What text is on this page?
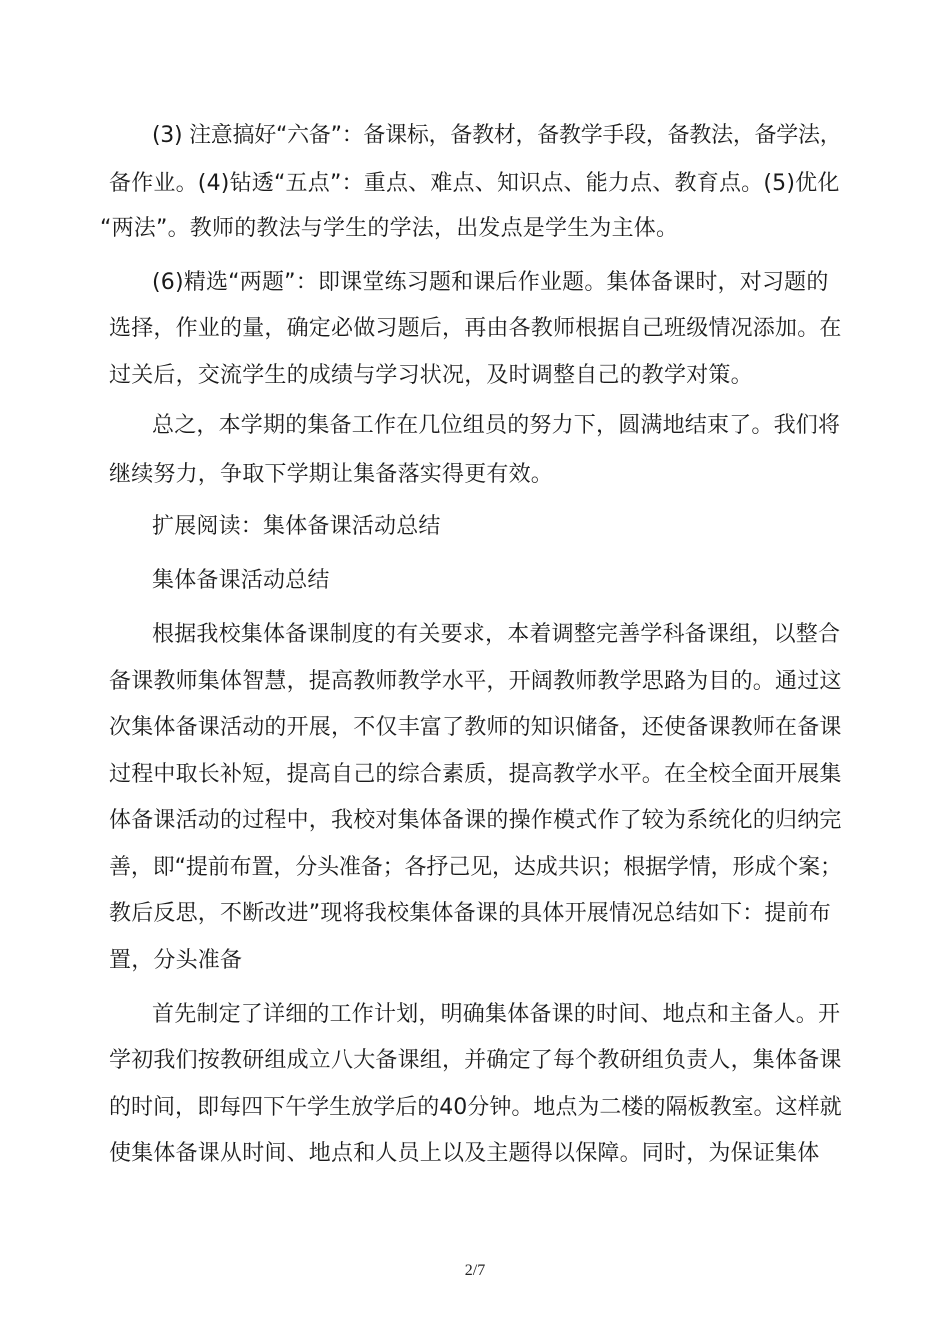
(3) 注意搞好“六备”：备课标，备教材，备教学手段，备教法，备学法，
备作业。(4)钻透“五点”：重点、难点、知识点、能力点、教育点。(5)优化
“两法”。教师的教法与学生的学法，出发点是学生为主体。
(6)精选“两题”：即课堂练习题和课后作业题。集体备课时，对习题的
选择，作业的量，确定必做习题后，再由各教师根据自己班级情况添加。在
过关后，交流学生的成绩与学习状况，及时调整自己的教学对策。
总之，本学期的集备工作在几位组员的努力下，圆满地结束了。我们将
继续努力，争取下学期让集备落实得更有效。
扩展阅读：集体备课活动总结
集体备课活动总结
根据我校集体备课制度的有关要求，本着调整完善学科备课组，以整合
备课教师集体智慧，提高教师教学水平，开阔教师教学思路为目的。通过这
次集体备课活动的开展，不仅丰富了教师的知识储备，还使备课教师在备课
过程中取长补短，提高自己的综合素质，提高教学水平。在全校全面开展集
体备课活动的过程中，我校对集体备课的操作模式作了较为系统化的归纳完
善，即“提前布置，分头准备；各抒己见，达成共识；根据学情，形成个案；
教后反思，不断改进”现将我校集体备课的具体开展情况总结如下：提前布
置，分头准备
首先制定了详细的工作计划，明确集体备课的时间、地点和主备人。开
学初我们按教研组成立八大备课组，并确定了每个教研组负责人，集体备课
的时间，即每四下午学生放学后的40分钟。地点为二楼的隔板教室。这样就
使集体备课从时间、地点和人员上以及主题得以保障。同时，为保证集体
2/7
